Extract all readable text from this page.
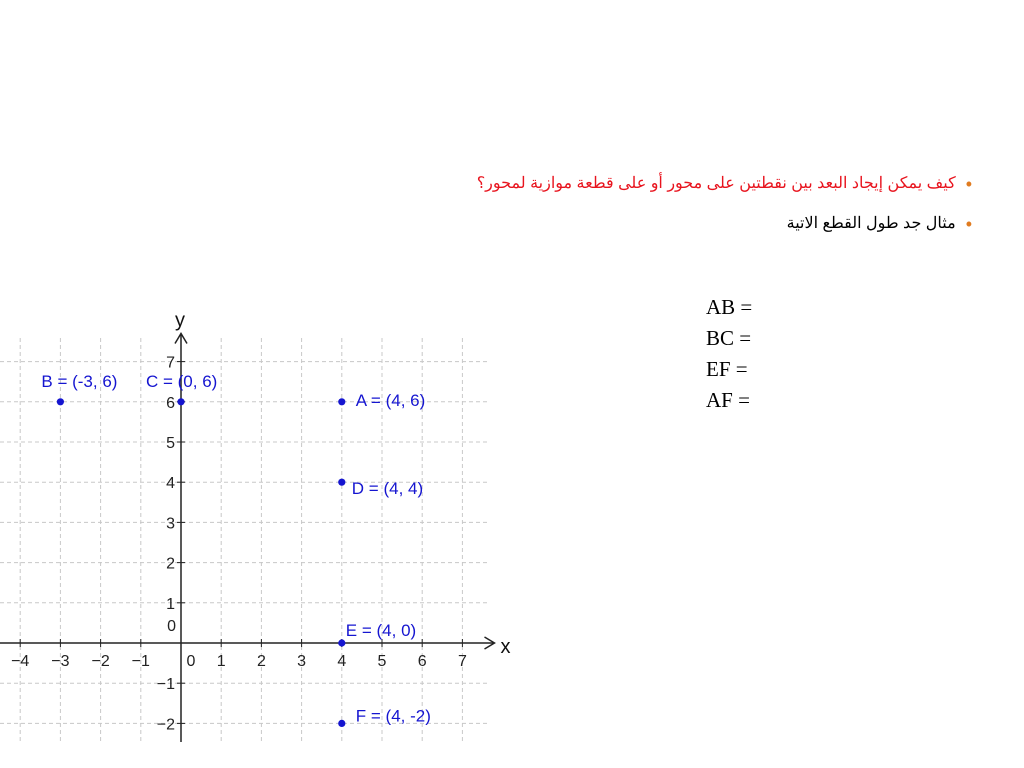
•
كيف يمكن إيجاد البعد بين نقطتين على محور أو على قطعة موازية لمحور؟
•
مثال جد طول القطع الاتية
AB =
BC =
EF =
AF =
x
y
−4 −3 −2 −1 0 1 2 3 4 5 6 7
7
6
5
4
3
2
1
0
−1
−2
B = (-3, 6) C = (0, 6)
A = (4, 6)
D = (4, 4)
E = (4, 0)
F = (4, -2)
